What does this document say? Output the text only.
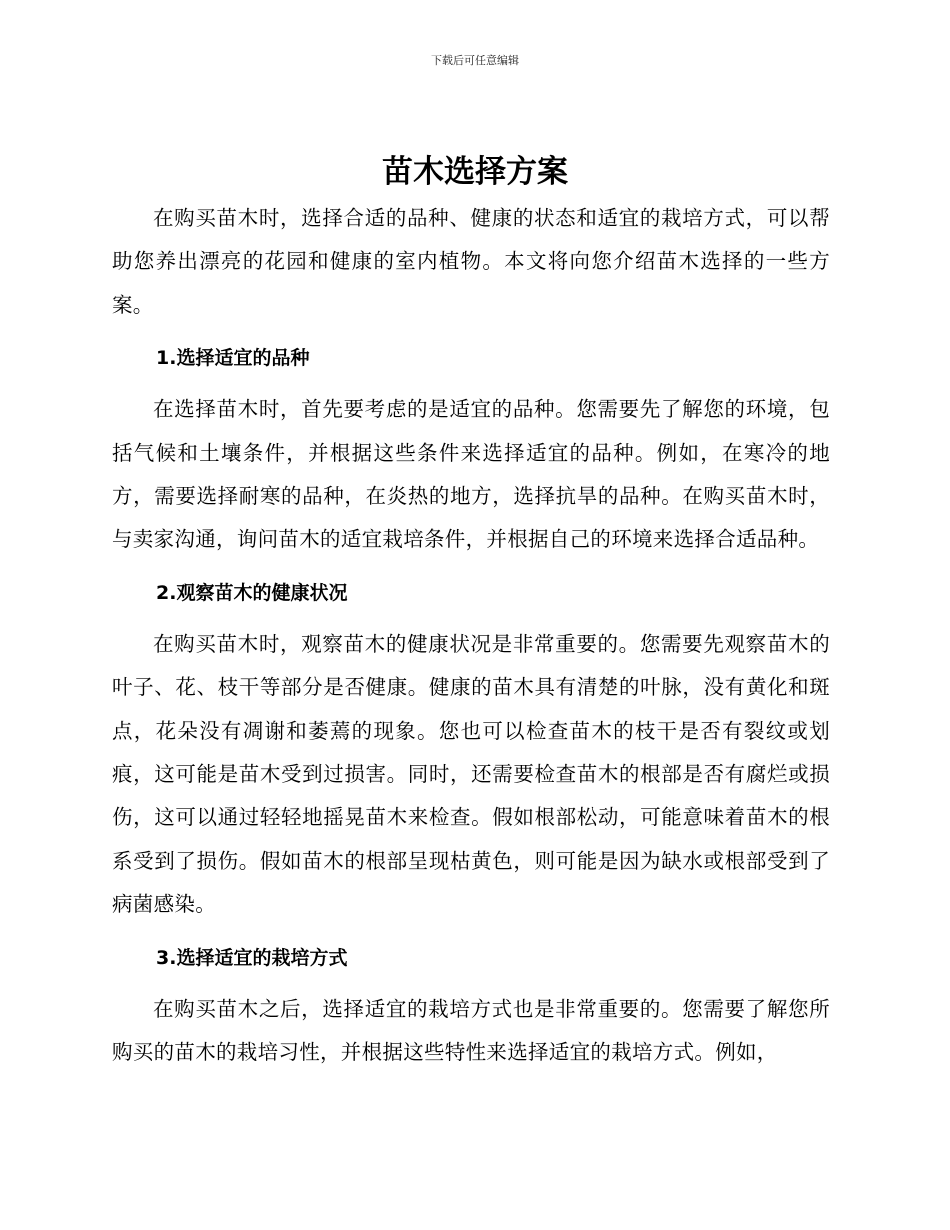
下载后可任意编辑
苗木选择方案

在购买苗木时，选择合适的品种、健康的状态和适宜的栽培方式，可以帮助您养出漂亮的花园和健康的室内植物。本文将向您介绍苗木选择的一些方案。

1.选择适宜的品种

在选择苗木时，首先要考虑的是适宜的品种。您需要先了解您的环境，包括气候和土壤条件，并根据这些条件来选择适宜的品种。例如，在寒冷的地方，需要选择耐寒的品种，在炎热的地方，选择抗旱的品种。在购买苗木时，与卖家沟通，询问苗木的适宜栽培条件，并根据自己的环境来选择合适品种。

2.观察苗木的健康状况

在购买苗木时，观察苗木的健康状况是非常重要的。您需要先观察苗木的叶子、花、枝干等部分是否健康。健康的苗木具有清楚的叶脉，没有黄化和斑点，花朵没有凋谢和萎蔫的现象。您也可以检查苗木的枝干是否有裂纹或划痕，这可能是苗木受到过损害。同时，还需要检查苗木的根部是否有腐烂或损伤，这可以通过轻轻地摇晃苗木来检查。假如根部松动，可能意味着苗木的根系受到了损伤。假如苗木的根部呈现枯黄色，则可能是因为缺水或根部受到了病菌感染。

3.选择适宜的栽培方式

在购买苗木之后，选择适宜的栽培方式也是非常重要的。您需要了解您所购买的苗木的栽培习性，并根据这些特性来选择适宜的栽培方式。例如，
